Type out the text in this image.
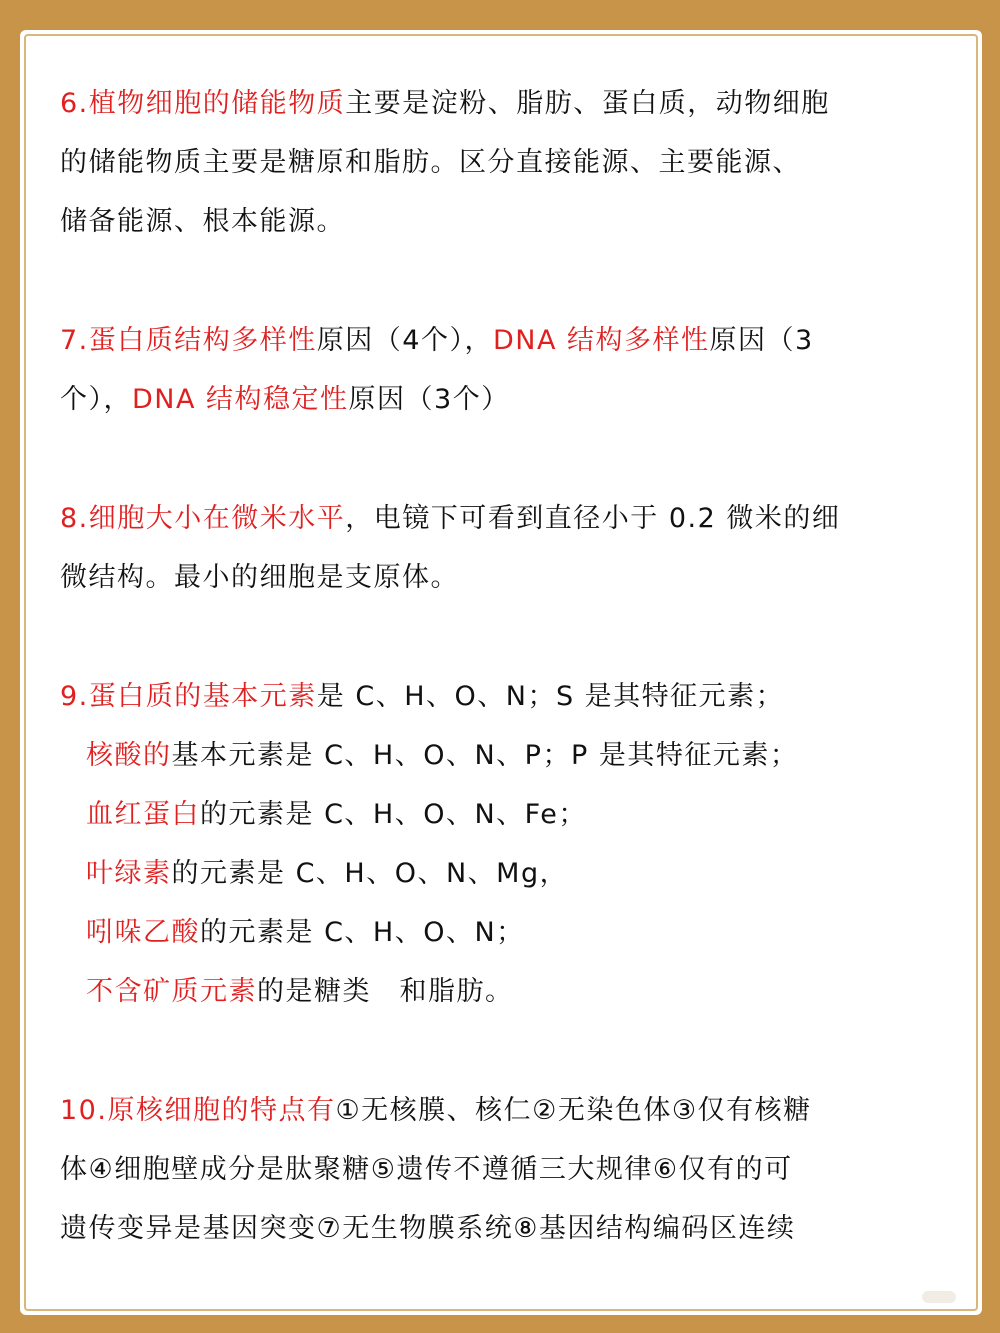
6.植物细胞的储能物质主要是淀粉、脂肪、蛋白质，动物细胞
的储能物质主要是糖原和脂肪。区分直接能源、主要能源、
储备能源、根本能源。
7.蛋白质结构多样性原因（4个），DNA 结构多样性原因（3
个），DNA 结构稳定性原因（3个）
8.细胞大小在微米水平，电镜下可看到直径小于 0.2 微米的细
微结构。最小的细胞是支原体。
9.蛋白质的基本元素是 C、H、O、N；S 是其特征元素；
核酸的基本元素是 C、H、O、N、P；P 是其特征元素；
血红蛋白的元素是 C、H、O、N、Fe；
叶绿素的元素是 C、H、O、N、Mg，
吲哚乙酸的元素是 C、H、O、N；
不含矿质元素的是糖类　和脂肪。
10.原核细胞的特点有①无核膜、核仁②无染色体③仅有核糖
体④细胞壁成分是肽聚糖⑤遗传不遵循三大规律⑥仅有的可
遗传变异是基因突变⑦无生物膜系统⑧基因结构编码区连续
